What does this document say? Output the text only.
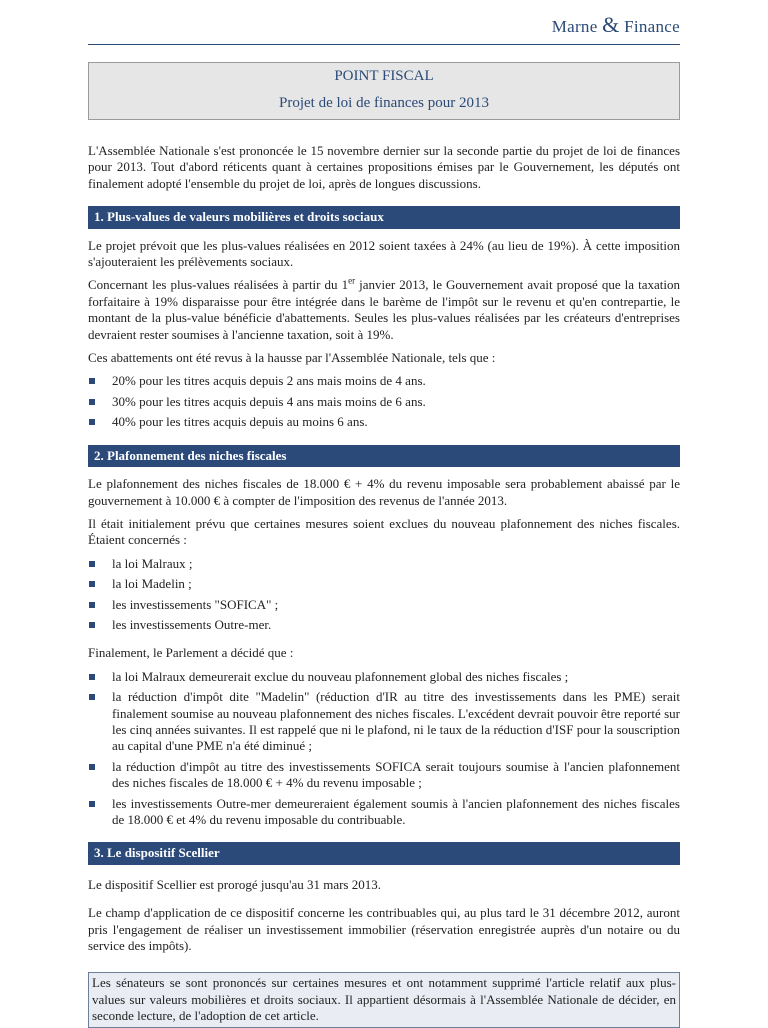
Marne & Finance
POINT FISCAL
Projet de loi de finances pour 2013

L'Assemblée Nationale s'est prononcée le 15 novembre dernier sur la seconde partie du projet de loi de finances pour 2013. Tout d'abord réticents quant à certaines propositions émises par le Gouvernement, les députés ont finalement adopté l'ensemble du projet de loi, après de longues discussions.

1. Plus-values de valeurs mobilières et droits sociaux

Le projet prévoit que les plus-values réalisées en 2012 soient taxées à 24% (au lieu de 19%). À cette imposition s'ajouteraient les prélèvements sociaux.

Concernant les plus-values réalisées à partir du 1er janvier 2013, le Gouvernement avait proposé que la taxation forfaitaire à 19% disparaisse pour être intégrée dans le barème de l'impôt sur le revenu et qu'en contrepartie, le montant de la plus-value bénéficie d'abattements. Seules les plus-values réalisées par les créateurs d'entreprises devraient rester soumises à l'ancienne taxation, soit à 19%.

Ces abattements ont été revus à la hausse par l'Assemblée Nationale, tels que :

20% pour les titres acquis depuis 2 ans mais moins de 4 ans.
30% pour les titres acquis depuis 4 ans mais moins de 6 ans.
40% pour les titres acquis depuis au moins 6 ans.
2. Plafonnement des niches fiscales

Le plafonnement des niches fiscales de 18.000 € + 4% du revenu imposable sera probablement abaissé par le gouvernement à 10.000 € à compter de l'imposition des revenus de l'année 2013.

Il était initialement prévu que certaines mesures soient exclues du nouveau plafonnement des niches fiscales. Étaient concernés :

la loi Malraux ;
la loi Madelin ;
les investissements "SOFICA" ;
les investissements Outre-mer.

Finalement, le Parlement a décidé que :

la loi Malraux demeurerait exclue du nouveau plafonnement global des niches fiscales ;
la réduction d'impôt dite "Madelin" (réduction d'IR au titre des investissements dans les PME) serait finalement soumise au nouveau plafonnement des niches fiscales. L'excédent devrait pouvoir être reporté sur les cinq années suivantes. Il est rappelé que ni le plafond, ni le taux de la réduction d'ISF pour la souscription au capital d'une PME n'a été diminué ;
la réduction d'impôt au titre des investissements SOFICA serait toujours soumise à l'ancien plafonnement des niches fiscales de 18.000 € + 4% du revenu imposable ;
les investissements Outre-mer demeureraient également soumis à l'ancien plafonnement des niches fiscales de 18.000 € et 4% du revenu imposable du contribuable.
3. Le dispositif Scellier

Le dispositif Scellier est prorogé jusqu'au 31 mars 2013.

Le champ d'application de ce dispositif concerne les contribuables qui, au plus tard le 31 décembre 2012, auront pris l'engagement de réaliser un investissement immobilier (réservation enregistrée auprès d'un notaire ou du service des impôts).

Les sénateurs se sont prononcés sur certaines mesures et ont notamment supprimé l'article relatif aux plus-values sur valeurs mobilières et droits sociaux. Il appartient désormais à l'Assemblée Nationale de décider, en seconde lecture, de l'adoption de cet article.
